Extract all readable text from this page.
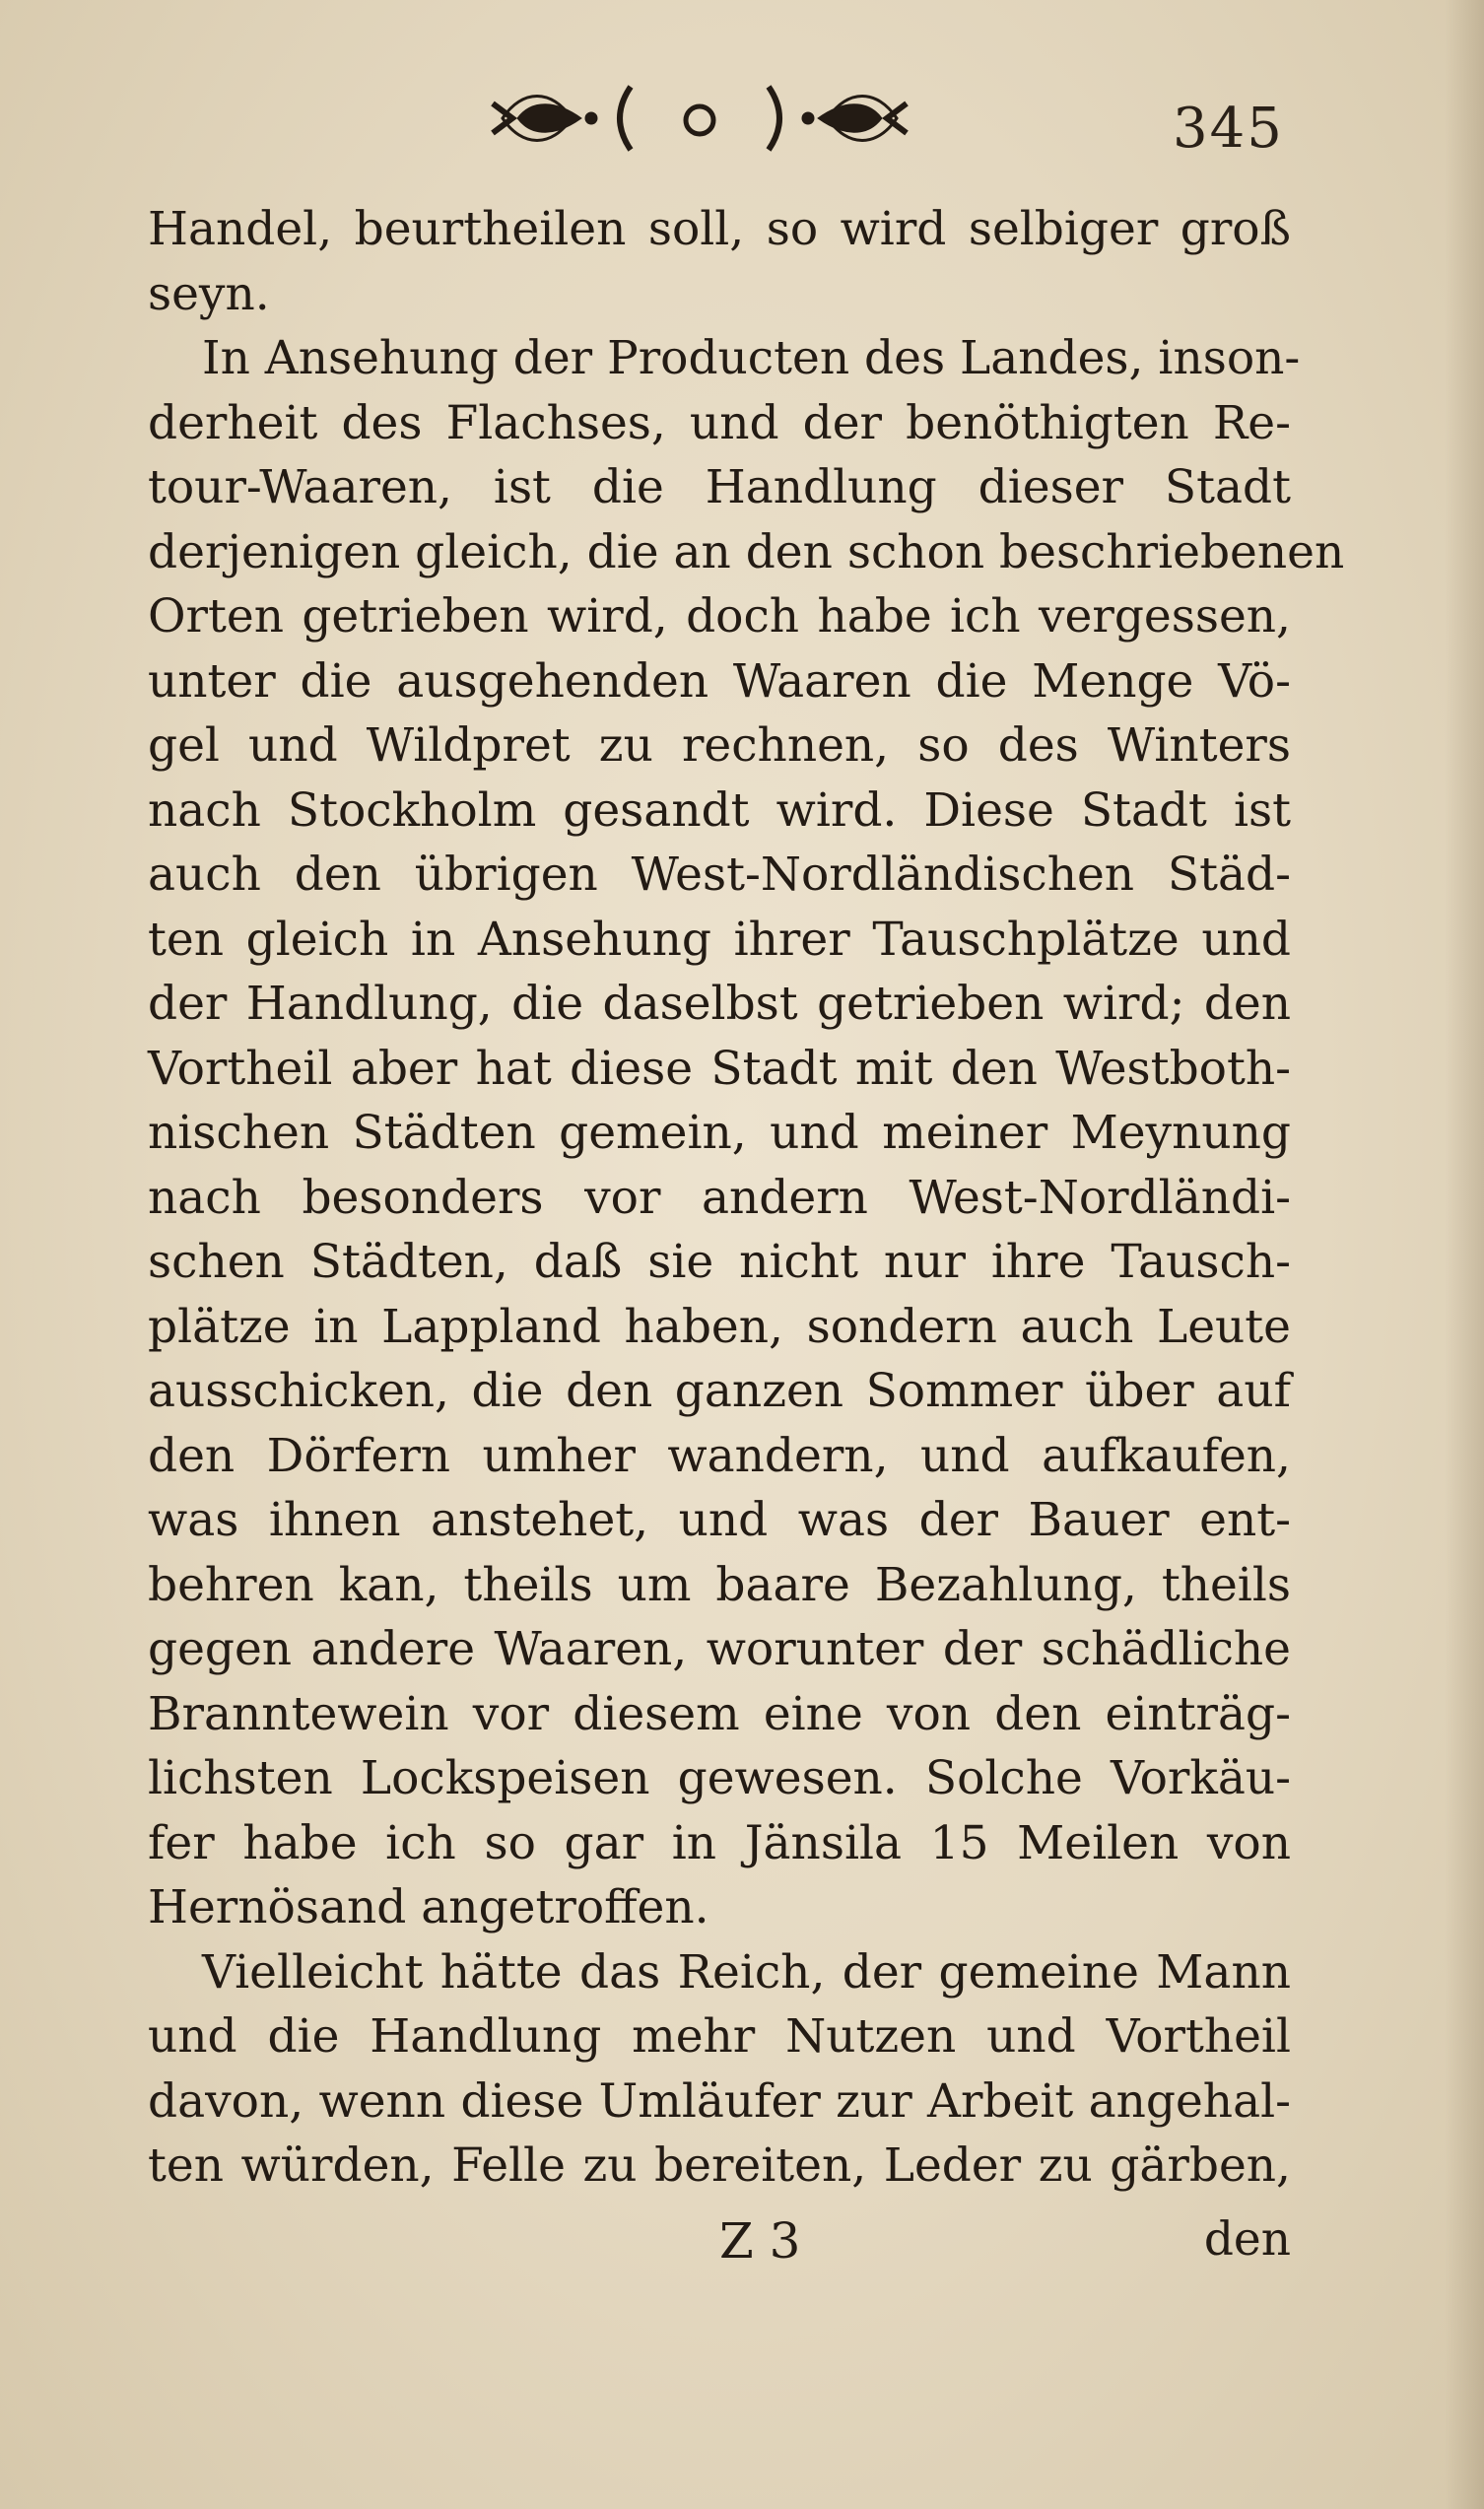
345
Handel, beurtheilen soll, so wird selbiger groß
seyn.
In Ansehung der Producten des Landes, inson-
derheit des Flachses, und der benöthigten Re-
tour-Waaren, ist die Handlung dieser Stadt
derjenigen gleich, die an den schon beschriebenen
Orten getrieben wird, doch habe ich vergessen,
unter die ausgehenden Waaren die Menge Vö-
gel und Wildpret zu rechnen, so des Winters
nach Stockholm gesandt wird. Diese Stadt ist
auch den übrigen West-Nordländischen Städ-
ten gleich in Ansehung ihrer Tauschplätze und
der Handlung, die daselbst getrieben wird; den
Vortheil aber hat diese Stadt mit den Westboth-
nischen Städten gemein, und meiner Meynung
nach besonders vor andern West-Nordländi-
schen Städten, daß sie nicht nur ihre Tausch-
plätze in Lappland haben, sondern auch Leute
ausschicken, die den ganzen Sommer über auf
den Dörfern umher wandern, und aufkaufen,
was ihnen anstehet, und was der Bauer ent-
behren kan, theils um baare Bezahlung, theils
gegen andere Waaren, worunter der schädliche
Branntewein vor diesem eine von den einträg-
lichsten Lockspeisen gewesen. Solche Vorkäu-
fer habe ich so gar in Jänsila 15 Meilen von
Hernösand angetroffen.
Vielleicht hätte das Reich, der gemeine Mann
und die Handlung mehr Nutzen und Vortheil
davon, wenn diese Umläufer zur Arbeit angehal-
ten würden, Felle zu bereiten, Leder zu gärben,
Z 3	den
